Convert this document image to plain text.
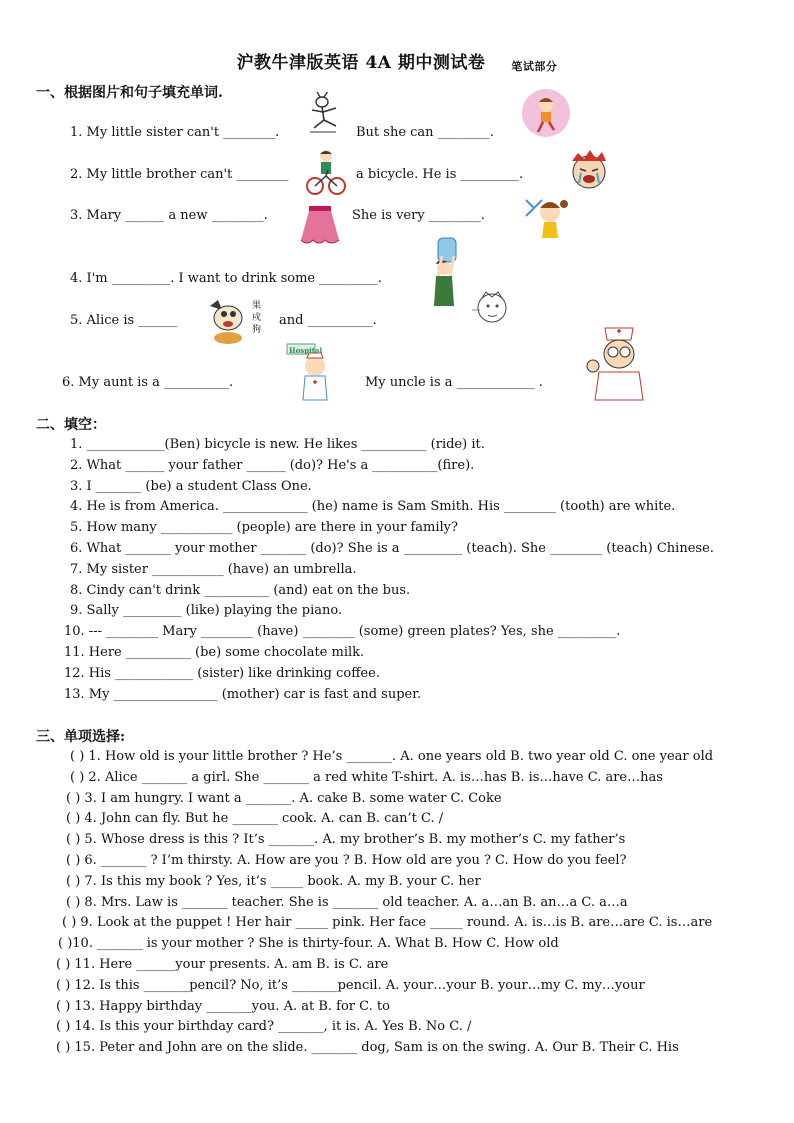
沪教牛津版英语 4A 期中测试卷 笔试部分
一、根据图片和句子填充单词.
1. My little sister can't ________.	But she can ________.
2. My little brother can't ________	a bicycle. He is _________.
3. Mary ______ a new ________.	She is very ________.
4. I'm _________. I want to drink some _________.
5. Alice is ______	and __________.
6. My aunt is a __________.	My uncle is a ____________ .
果戍狗
Hospital
二、填空：
1. ____________(Ben) bicycle is new. He likes __________ (ride) it.
2. What ______ your father ______ (do)? He's a __________(fire).
3. I _______ (be) a student Class One.
4. He is from America. _____________ (he) name is Sam Smith. His ________ (tooth) are white.
5. How many ___________ (people) are there in your family?
6. What _______ your mother _______ (do)? She is a _________ (teach). She ________ (teach) Chinese.
7. My sister ___________ (have) an umbrella.
8. Cindy can't drink __________ (and) eat on the bus.
9. Sally _________ (like) playing the piano.
10. --- ________ Mary ________ (have) ________ (some) green plates? Yes, she _________.
11. Here __________ (be) some chocolate milk.
12. His ____________ (sister) like drinking coffee.
13. My ________________ (mother) car is fast and super.
三、单项选择:
( ) 1. How old is your little brother ? He’s _______. A. one years old B. two year old C. one year old
( ) 2. Alice _______ a girl. She _______ a red white T-shirt. A. is…has B. is…have C. are…has
( ) 3. I am hungry. I want a _______. A. cake B. some water C. Coke
( ) 4. John can fly. But he _______ cook. A. can B. can’t C. /
( ) 5. Whose dress is this ? It’s _______. A. my brother’s B. my mother’s C. my father’s
( ) 6. _______ ? I’m thirsty. A. How are you ? B. How old are you ? C. How do you feel?
( ) 7. Is this my book ? Yes, it’s _____ book. A. my B. your C. her
( ) 8. Mrs. Law is _______ teacher. She is _______ old teacher. A. a…an B. an…a C. a…a
( ) 9. Look at the puppet ! Her hair _____ pink. Her face _____ round. A. is…is B. are…are C. is…are
( )10. _______ is your mother ? She is thirty-four. A. What B. How C. How old
( ) 11. Here ______your presents. A. am B. is C. are
( ) 12. Is this _______pencil? No, it’s _______pencil. A. your…your B. your…my C. my…your
( ) 13. Happy birthday _______you. A. at B. for C. to
( ) 14. Is this your birthday card? _______, it is. A. Yes B. No C. /
( ) 15. Peter and John are on the slide. _______ dog, Sam is on the swing. A. Our B. Their C. His
